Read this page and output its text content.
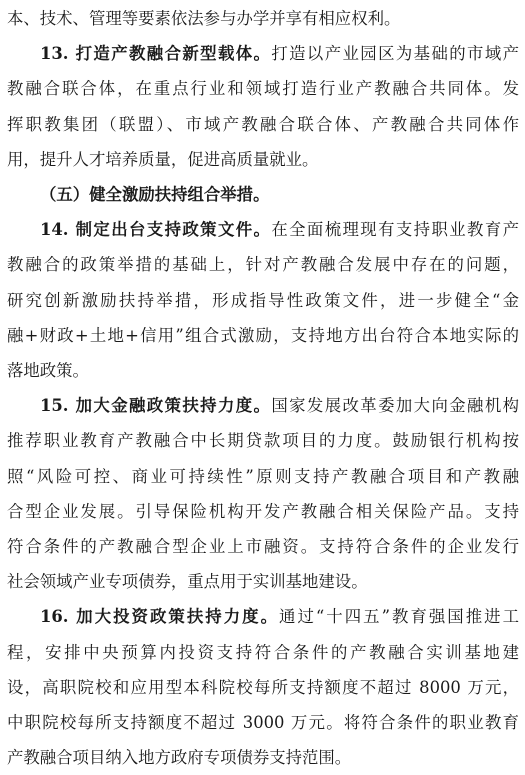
本、技术、管理等要素依法参与办学并享有相应权利。
13. 打造产教融合新型载体。打造以产业园区为基础的市域产
教融合联合体，在重点行业和领域打造行业产教融合共同体。发
挥职教集团（联盟）、市域产教融合联合体、产教融合共同体作
用，提升人才培养质量，促进高质量就业。
（五）健全激励扶持组合举措。
14. 制定出台支持政策文件。在全面梳理现有支持职业教育产
教融合的政策举措的基础上，针对产教融合发展中存在的问题，
研究创新激励扶持举措，形成指导性政策文件，进一步健全“金
融+财政+土地+信用”组合式激励，支持地方出台符合本地实际的
落地政策。
15. 加大金融政策扶持力度。国家发展改革委加大向金融机构
推荐职业教育产教融合中长期贷款项目的力度。鼓励银行机构按
照“风险可控、商业可持续性”原则支持产教融合项目和产教融
合型企业发展。引导保险机构开发产教融合相关保险产品。支持
符合条件的产教融合型企业上市融资。支持符合条件的企业发行
社会领域产业专项债券，重点用于实训基地建设。
16. 加大投资政策扶持力度。通过“十四五”教育强国推进工
程，安排中央预算内投资支持符合条件的产教融合实训基地建
设，高职院校和应用型本科院校每所支持额度不超过 8000 万元，
中职院校每所支持额度不超过 3000 万元。将符合条件的职业教育
产教融合项目纳入地方政府专项债券支持范围。
